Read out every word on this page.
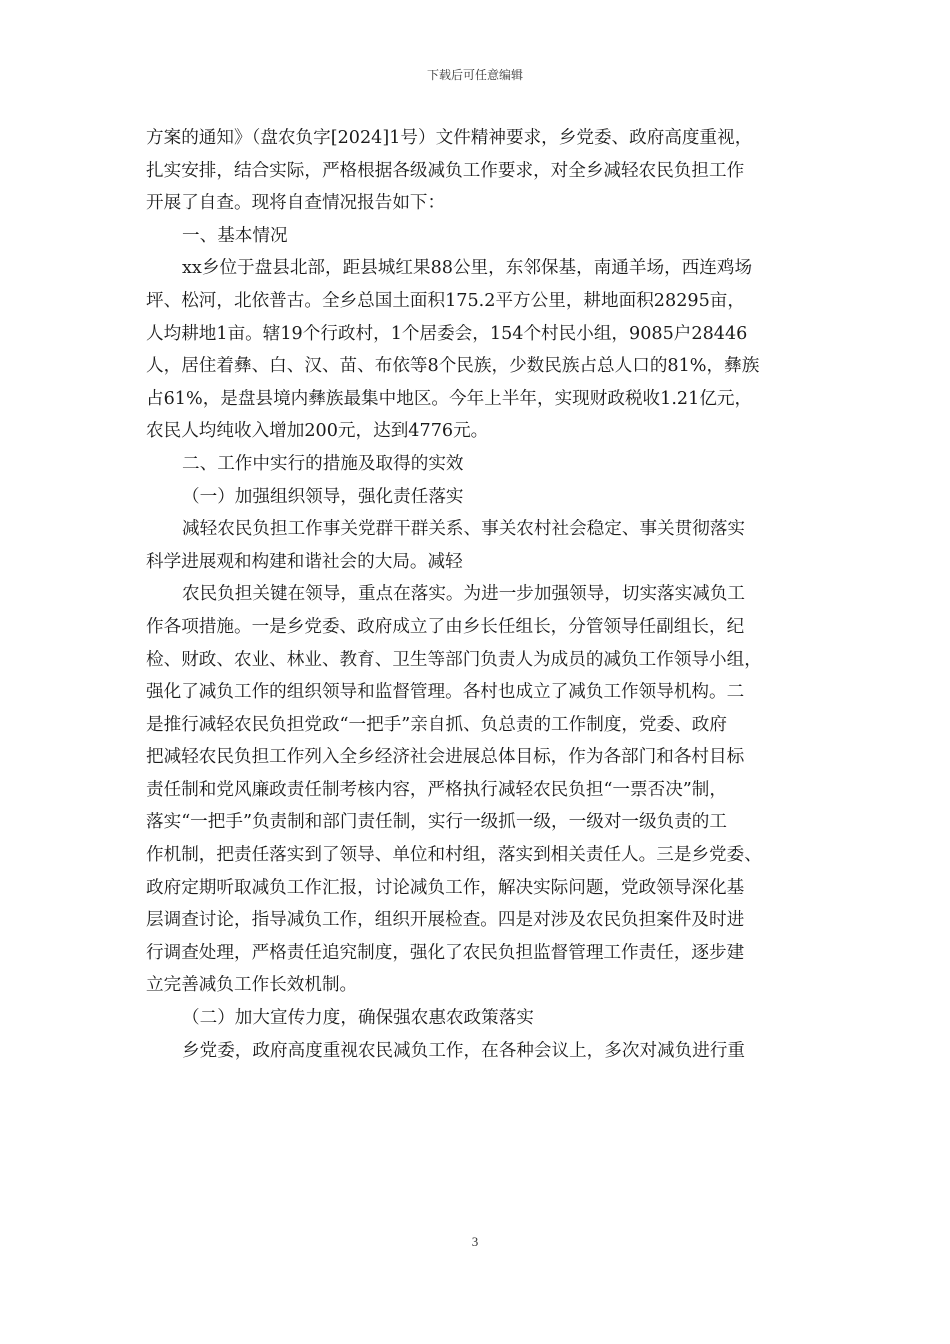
下载后可任意编辑

方案的通知》（盘农负字[2024]1号）文件精神要求，乡党委、政府高度重视，
扎实安排，结合实际，严格根据各级减负工作要求，对全乡减轻农民负担工作
开展了自查。现将自查情况报告如下：

一、基本情况

xx乡位于盘县北部，距县城红果88公里，东邻保基，南通羊场，西连鸡场

坪、松河，北依普古。全乡总国土面积175.2平方公里，耕地面积28295亩，
人均耕地1亩。辖19个行政村，1个居委会，154个村民小组，9085户28446
人，居住着彝、白、汉、苗、布依等8个民族，少数民族占总人口的81%，彝族
占61%，是盘县境内彝族最集中地区。今年上半年，实现财政税收1.21亿元，
农民人均纯收入增加200元，达到4776元。

二、工作中实行的措施及取得的实效

（一）加强组织领导，强化责任落实

减轻农民负担工作事关党群干群关系、事关农村社会稳定、事关贯彻落实

科学进展观和构建和谐社会的大局。减轻

农民负担关键在领导，重点在落实。为进一步加强领导，切实落实减负工

作各项措施。一是乡党委、政府成立了由乡长任组长，分管领导任副组长，纪
检、财政、农业、林业、教育、卫生等部门负责人为成员的减负工作领导小组，
强化了减负工作的组织领导和监督管理。各村也成立了减负工作领导机构。二
是推行减轻农民负担党政“一把手”亲自抓、负总责的工作制度，党委、政府
把减轻农民负担工作列入全乡经济社会进展总体目标，作为各部门和各村目标
责任制和党风廉政责任制考核内容，严格执行减轻农民负担“一票否决”制，
落实“一把手”负责制和部门责任制，实行一级抓一级，一级对一级负责的工
作机制，把责任落实到了领导、单位和村组，落实到相关责任人。三是乡党委、
政府定期听取减负工作汇报，讨论减负工作，解决实际问题，党政领导深化基
层调查讨论，指导减负工作，组织开展检查。四是对涉及农民负担案件及时进
行调查处理，严格责任追究制度，强化了农民负担监督管理工作责任，逐步建
立完善减负工作长效机制。

（二）加大宣传力度，确保强农惠农政策落实

乡党委，政府高度重视农民减负工作，在各种会议上，多次对减负进行重

3
